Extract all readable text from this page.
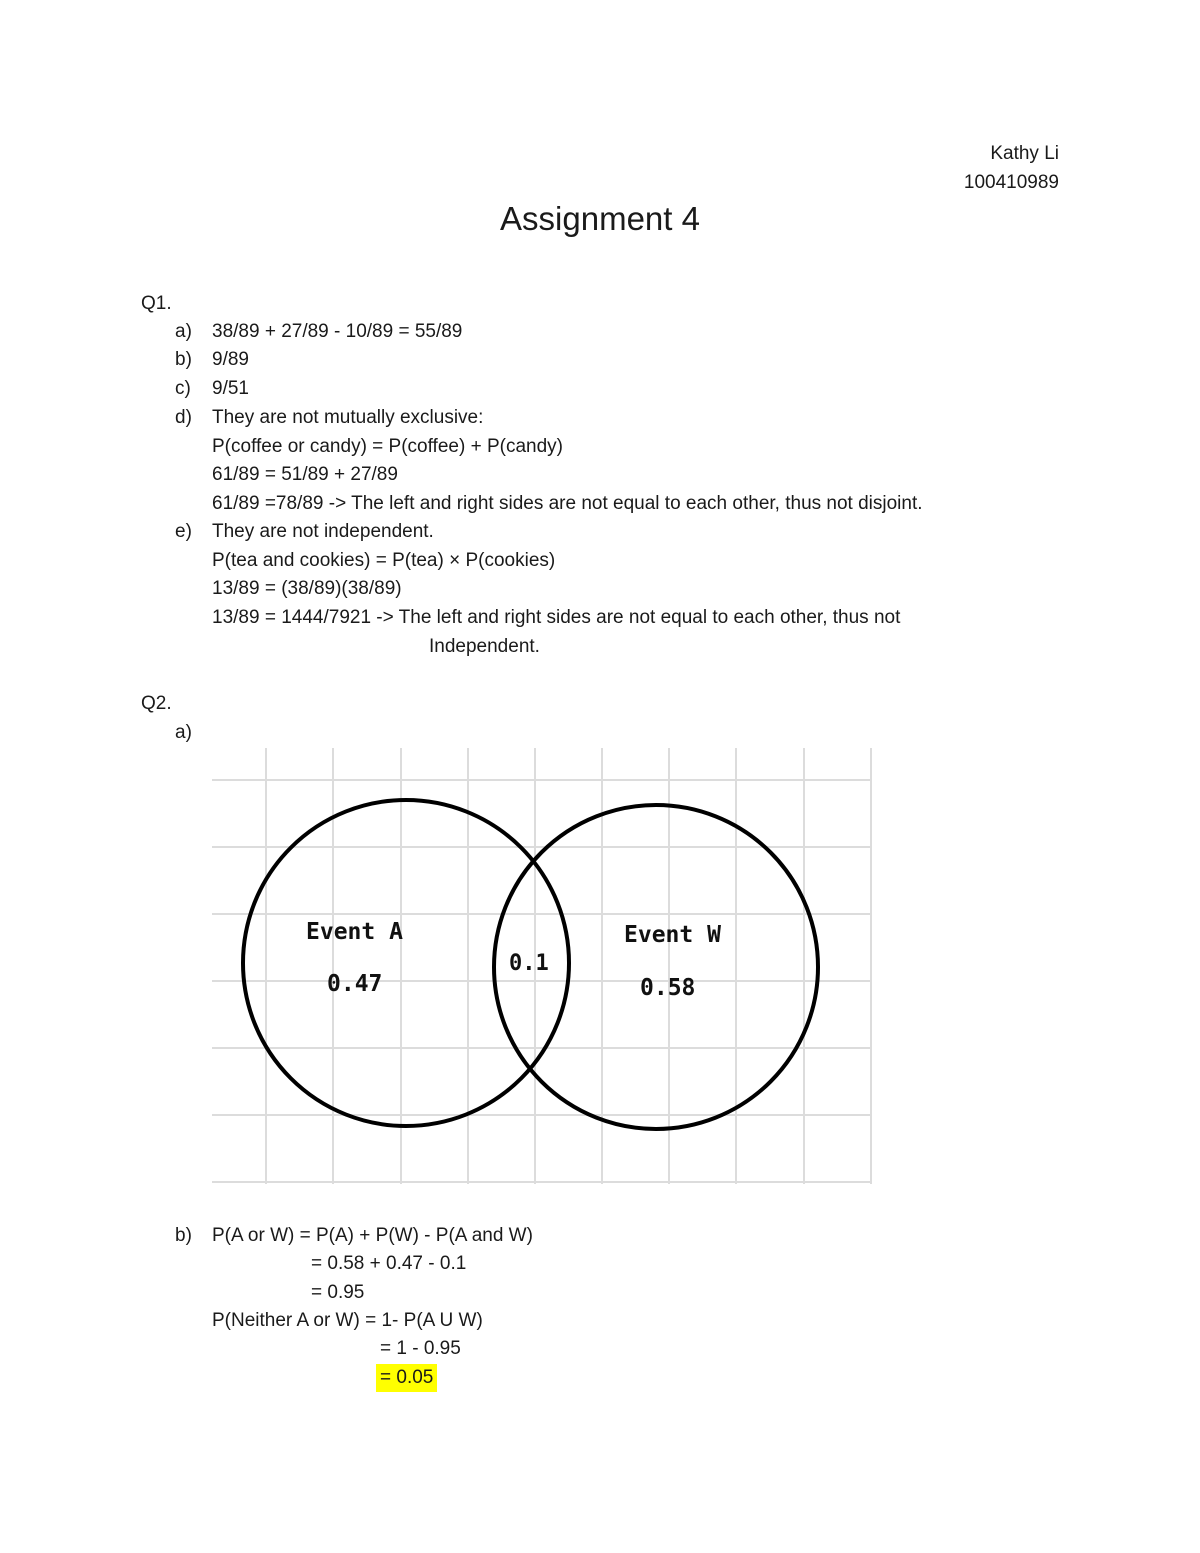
Kathy Li
100410989
Assignment 4
Q1.
a) 38/89 + 27/89 - 10/89 = 55/89
b) 9/89
c) 9/51
d) They are not mutually exclusive:
P(coffee or candy) = P(coffee) + P(candy)
61/89 = 51/89 + 27/89
61/89 =78/89 -> The left and right sides are not equal to each other, thus not disjoint.
e) They are not independent.
P(tea and cookies) = P(tea) × P(cookies)
13/89 = (38/89)(38/89)
13/89 = 1444/7921 -> The left and right sides are not equal to each other, thus not
Independent.
Q2.
a)
Event A
0.47
0.1
Event W
0.58
b) P(A or W) = P(A) + P(W) - P(A and W)
= 0.58 + 0.47 - 0.1
= 0.95
P(Neither A or W) = 1- P(A U W)
= 1 - 0.95
= 0.05
